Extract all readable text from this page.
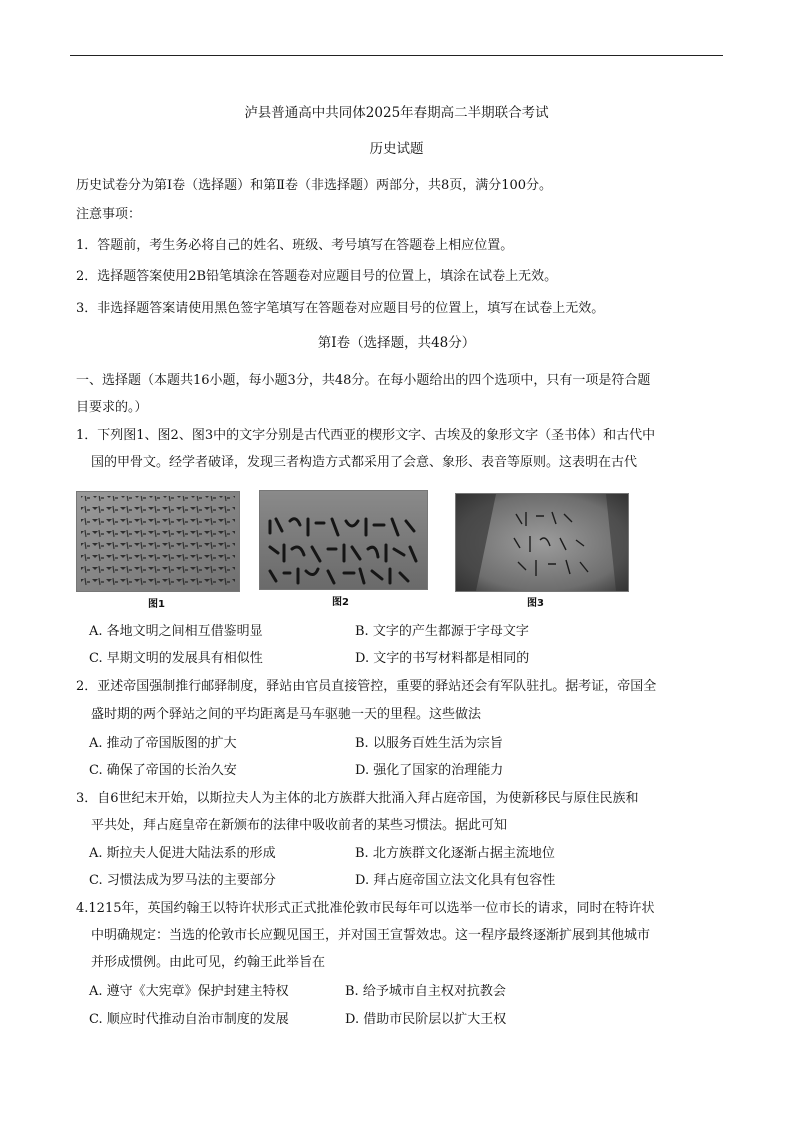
泸县普通高中共同体2025年春期高二半期联合考试
历史试题
历史试卷分为第Ⅰ卷（选择题）和第Ⅱ卷（非选择题）两部分，共8页，满分100分。
注意事项：
1．答题前，考生务必将自己的姓名、班级、考号填写在答题卷上相应位置。
2．选择题答案使用2B铅笔填涂在答题卷对应题目号的位置上，填涂在试卷上无效。
3．非选择题答案请使用黑色签字笔填写在答题卷对应题目号的位置上，填写在试卷上无效。
第Ⅰ卷（选择题，共48分）
一、选择题（本题共16小题，每小题3分，共48分。在每小题给出的四个选项中，只有一项是符合题
目要求的。）
1．下列图1、图2、图3中的文字分别是古代西亚的楔形文字、古埃及的象形文字（圣书体）和古代中
国的甲骨文。经学者破译，发现三者构造方式都采用了会意、象形、表音等原则。这表明在古代
图1	图2	图3
A. 各地文明之间相互借鉴明显	B. 文字的产生都源于字母文字
C. 早期文明的发展具有相似性	D. 文字的书写材料都是相同的
2．亚述帝国强制推行邮驿制度，驿站由官员直接管控，重要的驿站还会有军队驻扎。据考证，帝国全
盛时期的两个驿站之间的平均距离是马车驱驰一天的里程。这些做法
A. 推动了帝国版图的扩大	B. 以服务百姓生活为宗旨
C. 确保了帝国的长治久安	D. 强化了国家的治理能力
3．自6世纪末开始，以斯拉夫人为主体的北方族群大批涌入拜占庭帝国，为使新移民与原住民族和
平共处，拜占庭皇帝在新颁布的法律中吸收前者的某些习惯法。据此可知
A. 斯拉夫人促进大陆法系的形成	B. 北方族群文化逐渐占据主流地位
C. 习惯法成为罗马法的主要部分	D. 拜占庭帝国立法文化具有包容性
4.1215年，英国约翰王以特许状形式正式批准伦敦市民每年可以选举一位市长的请求，同时在特许状
中明确规定：当选的伦敦市长应觐见国王，并对国王宣誓效忠。这一程序最终逐渐扩展到其他城市
并形成惯例。由此可见，约翰王此举旨在
A. 遵守《大宪章》保护封建主特权	B. 给予城市自主权对抗教会
C. 顺应时代推动自治市制度的发展	D. 借助市民阶层以扩大王权
